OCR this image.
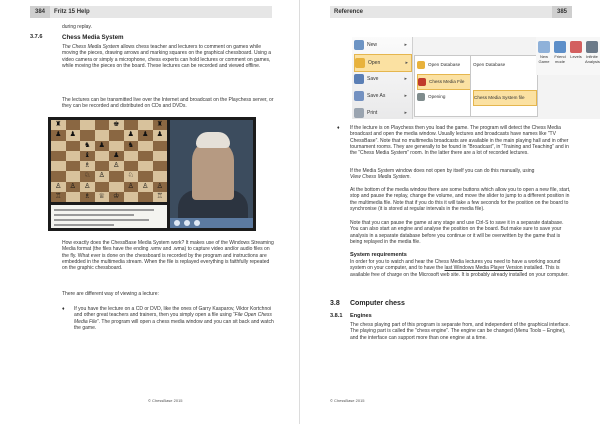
384 Fritz 15 Help
during replay.
3.7.6	Chess Media System
The Chess Media System allows chess teacher and lecturers to comment on games while moving the pieces, drawing arrows and marking squares on the graphical chessboard. Using a video camera or simply a microphone, chess experts can hold lectures or comment on games, while moving the pieces on the board. These lectures can be recorded and viewed offline.
The lectures can be transmitted live over the Internet and broadcast on the Playchess server, or they can be recorded and distributed on CDs and DVDs.
♜	♚	♜
♟	♟	♟	♟	♟
♞	♟	♞
♝	♟
♗	♙
♘	♙	♘
♙	♙	♙	♙	♙	♙
♖	♗	♕	♔	♖
How exactly does the ChessBase Media System work? It makes use of the Windows Streaming Media format (the files have the ending .wmv and .wma) to capture video and/or audio files on the fly. What ever is done on the chessboard is recorded by the program and instructions are embedded in the multimedia stream. When the file is replayed everything is faithfully repeated on the graphic chessboard.
There are different way of viewing a lecture:
♦ If you have the lecture on a CD or DVD, like the ones of Garry Kasparov, Viktor Kortchnoi and other great teachers and trainers, then you simply open a file using “File Open Chess Media File”. The program will open a chess media window and you can sit back and watch the game.
© ChessBase 2015
Reference	385
© ChessBase 2015
New	▸
Open	▸
Save	▸
Save As	▸
Print	▸
Open Database
Chess Media File
Opening
Open Database
Chess Media System file
New Game
Friend mode
Levels	Infinite Analysis
♦ If the lecture is on Playchess then you load the game. The program will detect the Chess Media broadcast and open the media window. Usually lectures and broadcasts have names like “TV ChessBase”. Note that no multimedia broadcasts are available in the main playing hall and in other tournament rooms. They are generally to be found in “Broadcast”, in “Training and Teaching” and in the “Chess Media System” room. In the latter there are a lot of recorded lectures.
If the Media System window does not open by itself you can do this manually, using
View Chess Media System.
At the bottom of the media window there are some buttons which allow you to open a new file, start, stop and pause the replay, change the volume, and move the slider to jump to a different position in the multimedia file. Note that if you do this it will take a few seconds for the position on the board to synchronise (it is stored at regular intervals in the media file).
Note that you can pause the game at any stage and use Ctrl-S to save it in a separate database. You can also start an engine and analyse the position on the board. But make sure to save your analysis in a separate database before you continue or it will be overwritten by the game that is being replayed in the media file.
System requirements
In order for you to watch and hear the Chess Media lectures you need to have a working sound system on your computer, and to have the last Windows Media Player Version installed. This is available free of charge on the Microsoft web site. It is probably already installed on your computer.
3.8 Computer chess
3.8.1 Engines
The chess playing part of this program is separate from, and independent of the graphical interface. The playing part is called the "chess engine". The engine can be changed (Menu Tools – Engine), and the interface can support more than one engine at a time.
